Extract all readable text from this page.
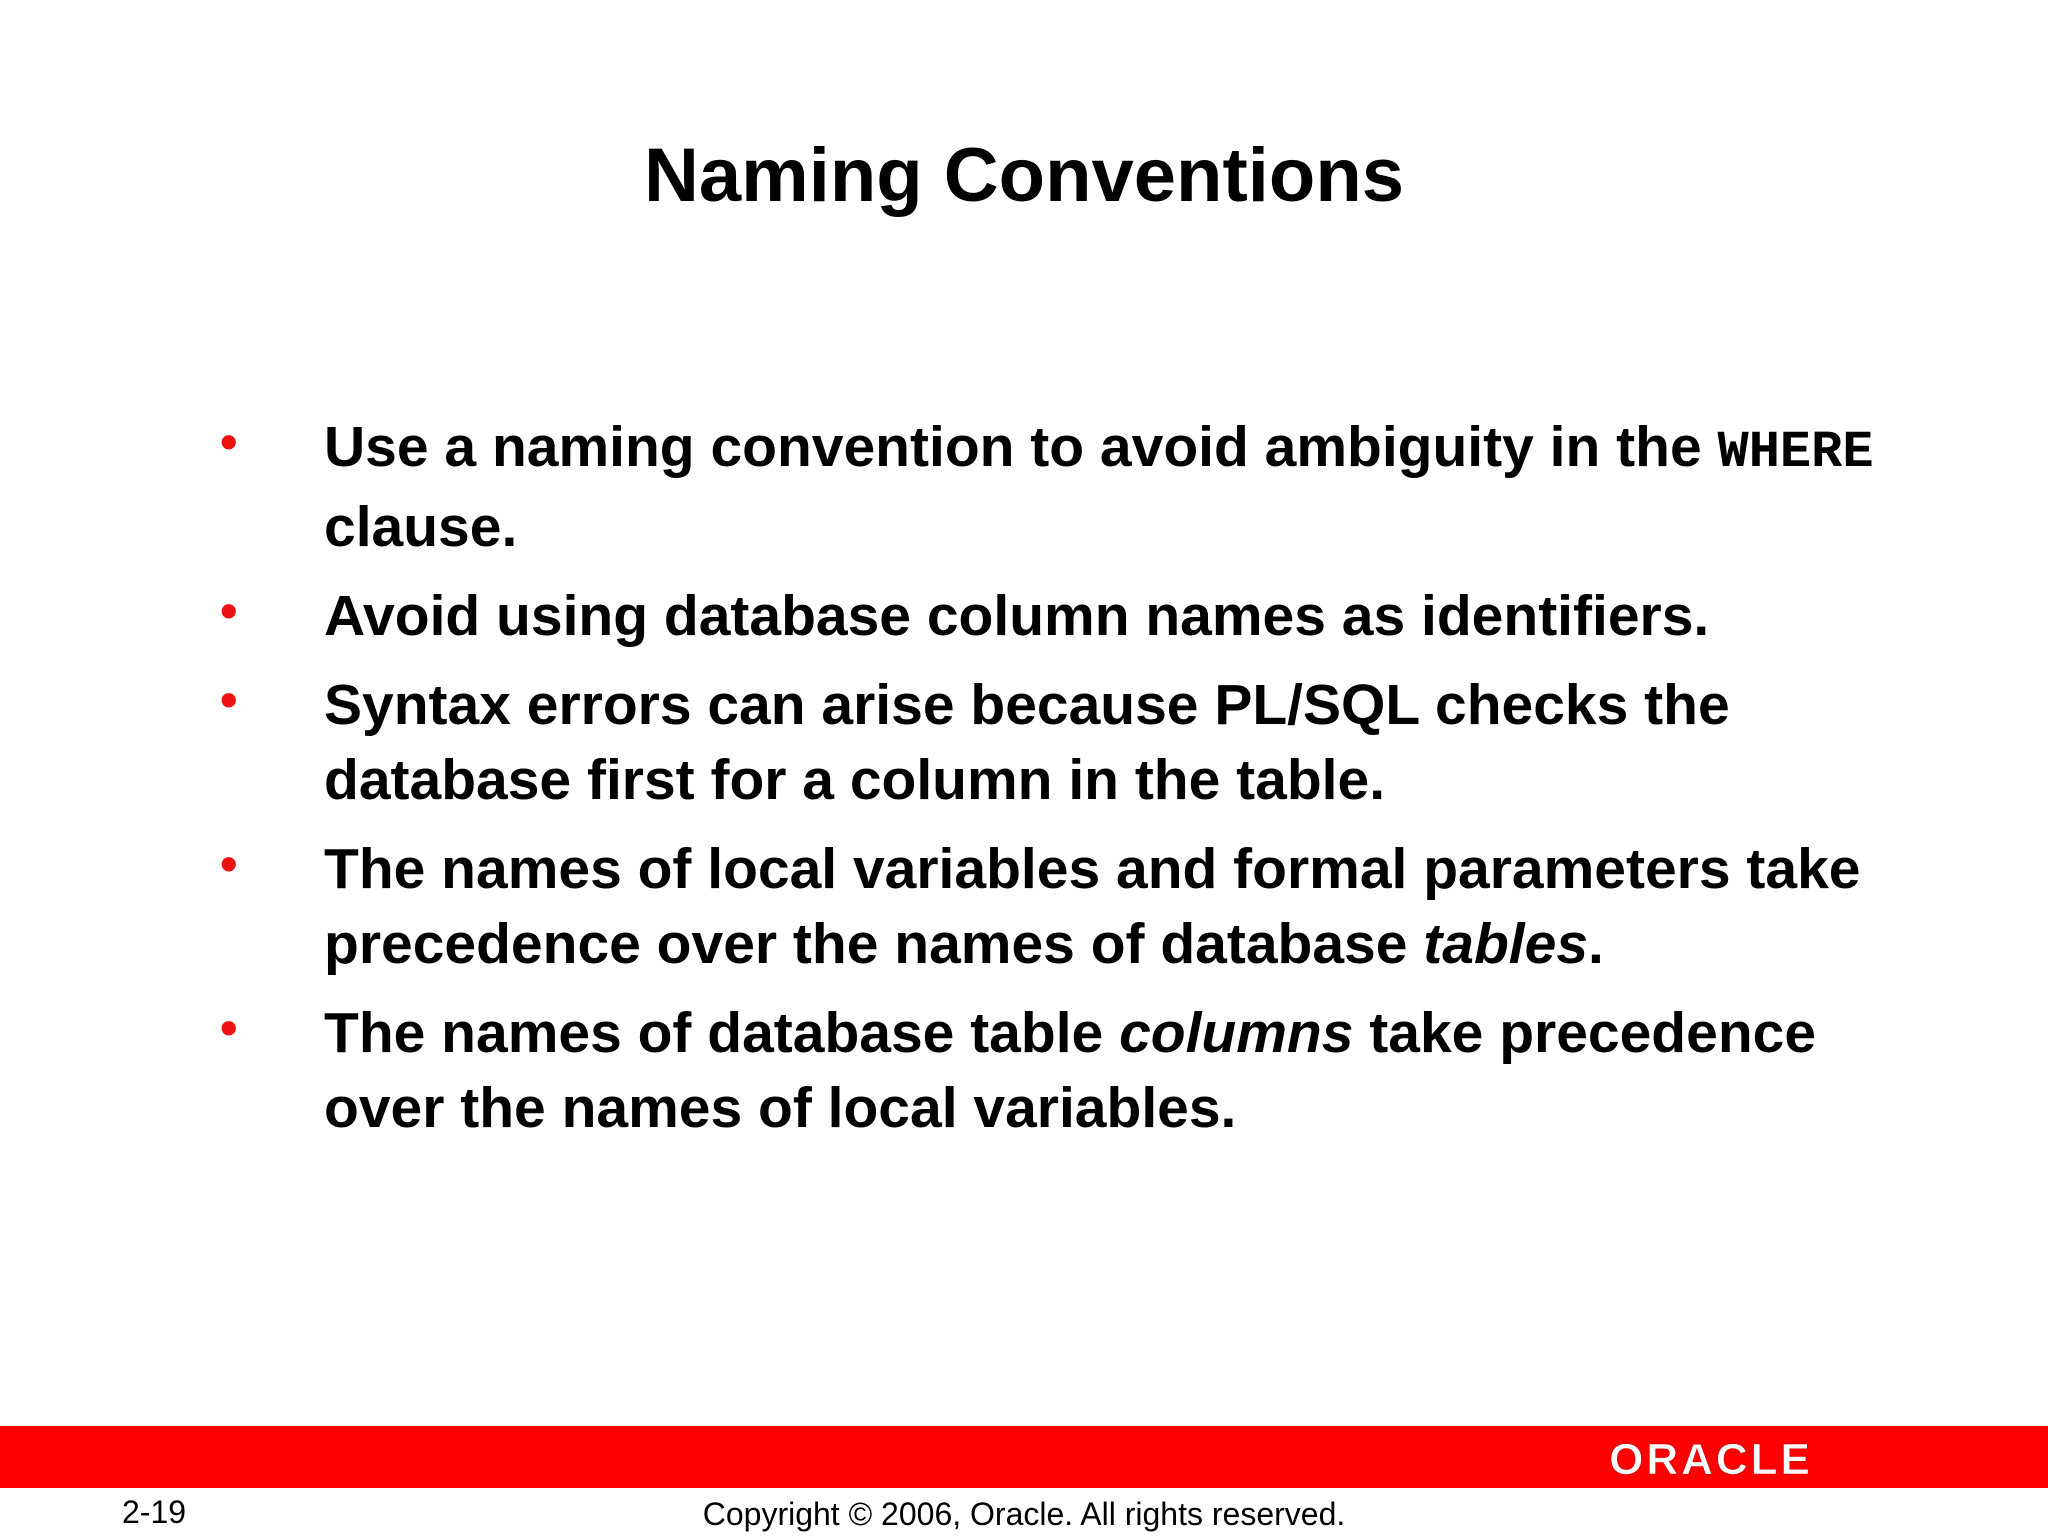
Naming Conventions
• Use a naming convention to avoid ambiguity in the WHERE clause.
• Avoid using database column names as identifiers.
• Syntax errors can arise because PL/SQL checks the database first for a column in the table.
• The names of local variables and formal parameters take precedence over the names of database tables.
• The names of database table columns take precedence over the names of local variables.
ORACLE
2-19	Copyright © 2006, Oracle. All rights reserved.
